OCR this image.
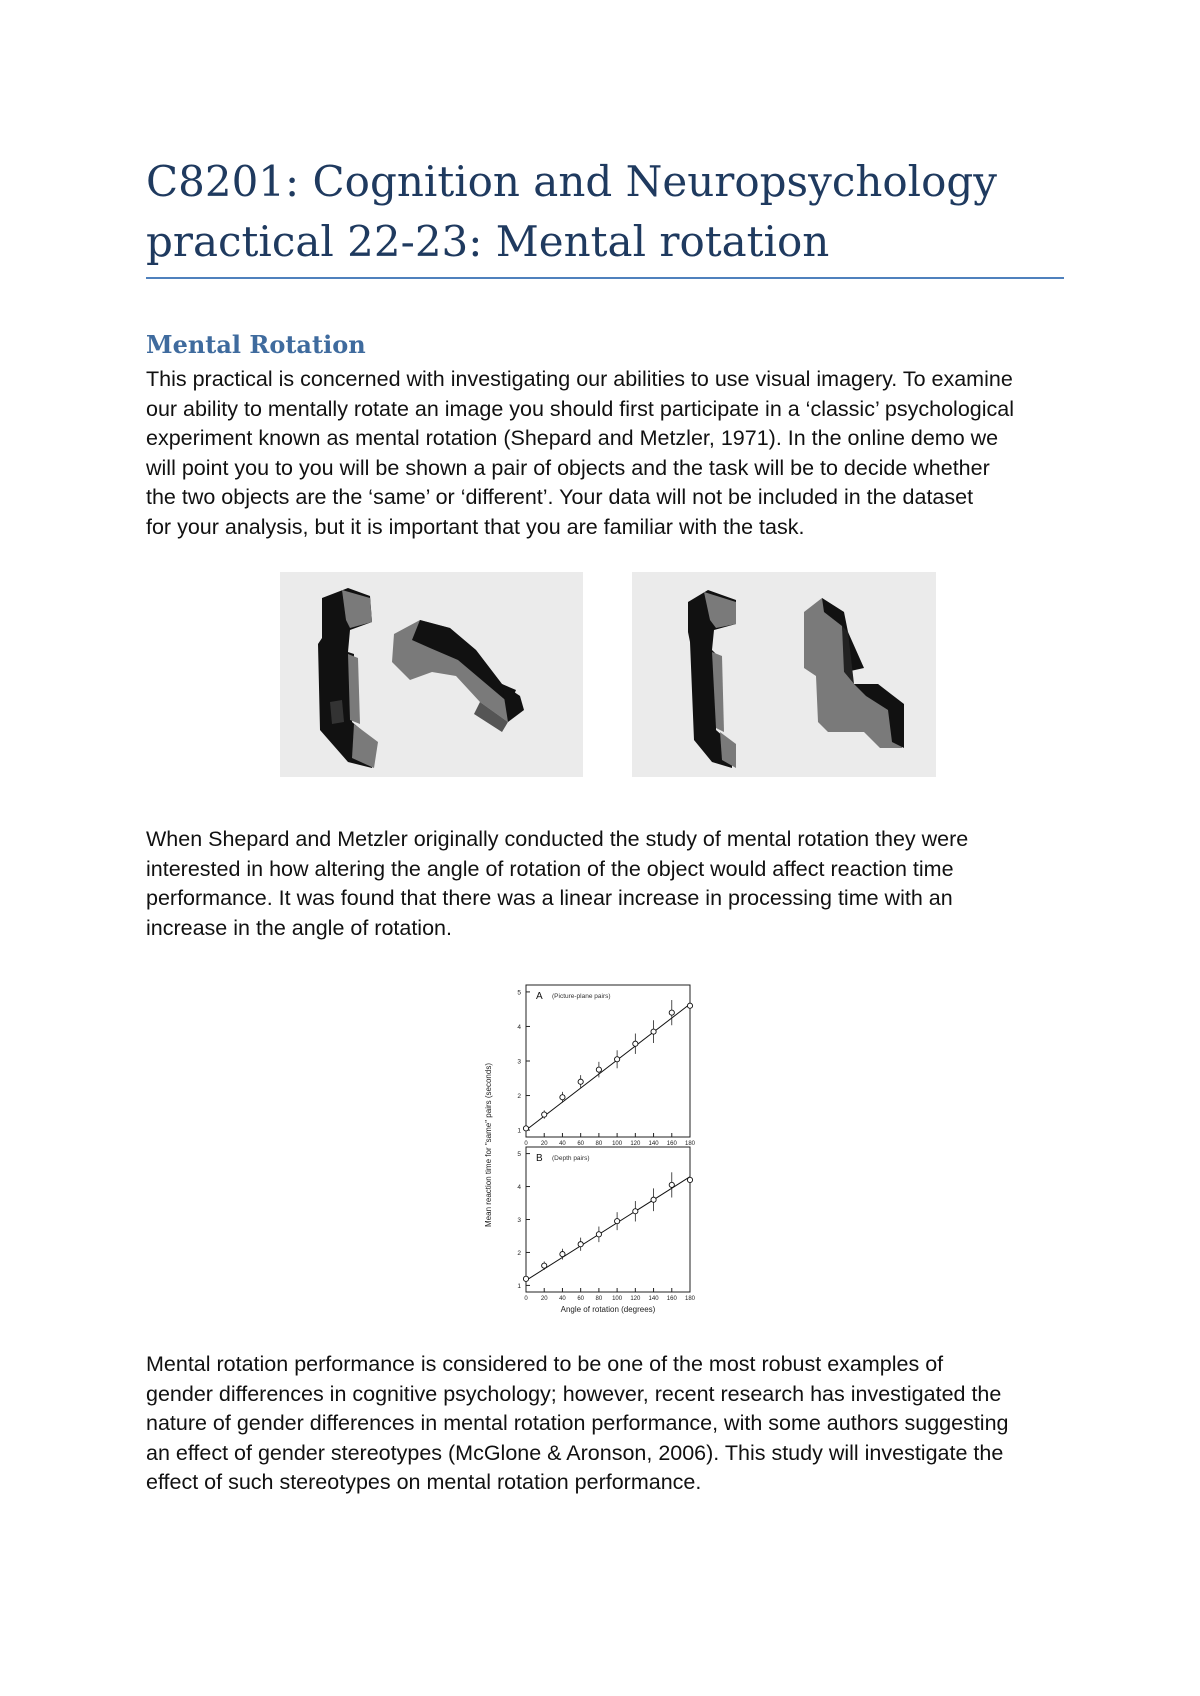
C8201: Cognition and Neuropsychology
practical 22-23: Mental rotation
Mental Rotation

This practical is concerned with investigating our abilities to use visual imagery. To examine
our ability to mentally rotate an image you should first participate in a ‘classic’ psychological
experiment known as mental rotation (Shepard and Metzler, 1971). In the online demo we
will point you to you will be shown a pair of objects and the task will be to decide whether
the two objects are the ‘same’ or ‘different’. Your data will not be included in the dataset
for your analysis, but it is important that you are familiar with the task.

When Shepard and Metzler originally conducted the study of mental rotation they were
interested in how altering the angle of rotation of the object would affect reaction time
performance. It was found that there was a linear increase in processing time with an
increase in the angle of rotation.

A (Picture-plane pairs)
1
2
3
4
5
0 20 40 60 80 100 120 140 160 180
B (Depth pairs)
1
2
3
4
5
0 20 40 60 80 100 120 140 160 180
Angle of rotation (degrees)
Mean reaction time for "same" pairs (seconds)

Mental rotation performance is considered to be one of the most robust examples of
gender differences in cognitive psychology; however, recent research has investigated the
nature of gender differences in mental rotation performance, with some authors suggesting
an effect of gender stereotypes (McGlone & Aronson, 2006). This study will investigate the
effect of such stereotypes on mental rotation performance.
